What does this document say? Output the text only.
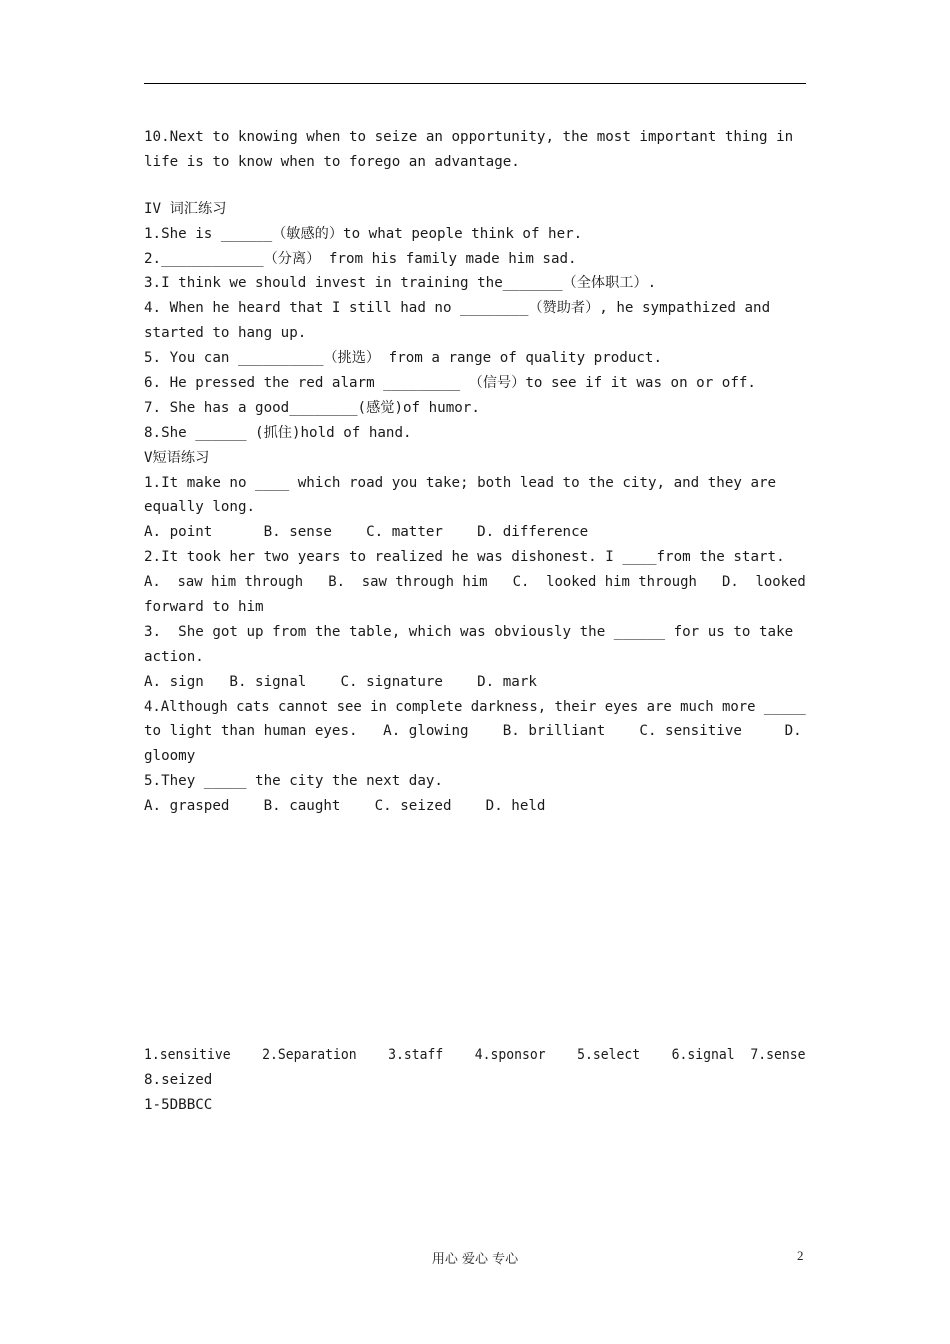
10.Next to knowing when to seize an opportunity, the most important thing in
life is to know when to forego an advantage.
IV 词汇练习
1.She is ______（敏感的）to what people think of her.
2.____________（分离） from his family made him sad.
3.I think we should invest in training the_______（全体职工）.
4. When he heard that I still had no ________（赞助者）, he sympathized and
started to hang up.
5. You can __________（挑选） from a range of quality product.
6. He pressed the red alarm _________ （信号）to see if it was on or off.
7. She has a good________(感觉)of humor.
8.She ______ (抓住)hold of hand.
V短语练习
1.It make no ____ which road you take; both lead to the city, and they are
equally long.
A. point      B. sense    C. matter    D. difference
2.It took her two years to realized he was dishonest. I ____from the start.
A.  saw him through   B.  saw through him   C.  looked him through   D.  looked
forward to him
3.  She got up from the table, which was obviously the ______ for us to take
action.
A. sign   B. signal    C. signature    D. mark
4.Although cats cannot see in complete darkness, their eyes are much more _____
to light than human eyes.   A. glowing    B. brilliant    C. sensitive     D.
gloomy
5.They _____ the city the next day.
A. grasped    B. caught    C. seized    D. held
1.sensitive    2.Separation    3.staff    4.sponsor    5.select    6.signal  7.sense
8.seized
1-5DBBCC
用心 爱心 专心	2
